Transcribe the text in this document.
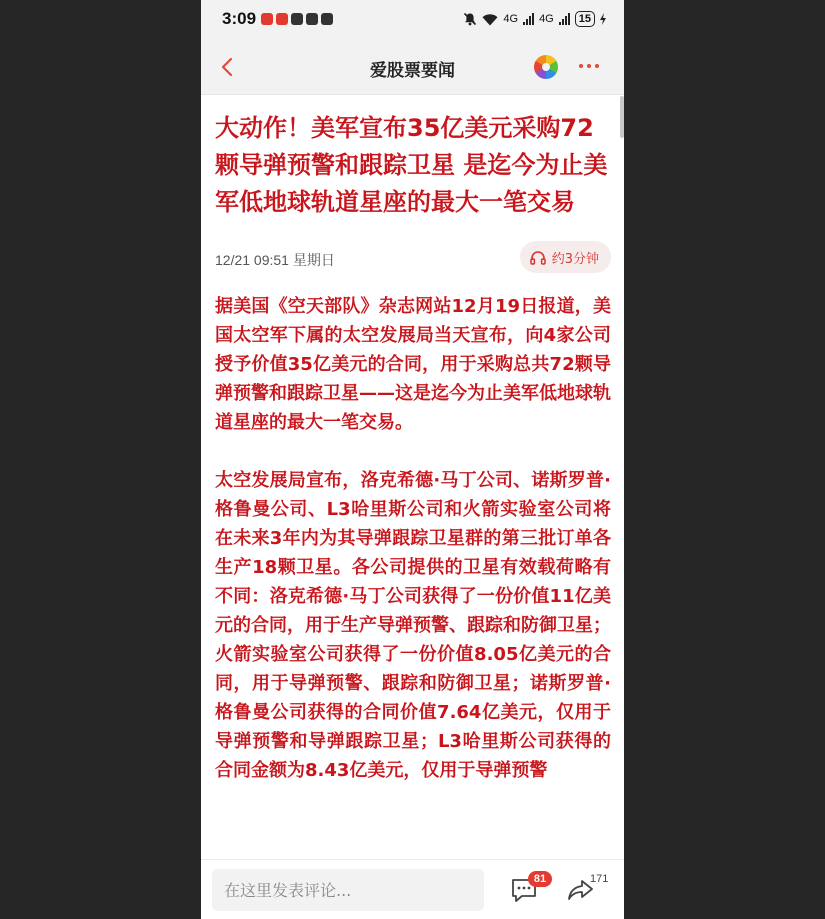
3:09	4G 4G	15
爱股票要闻
大动作！美军宣布35亿美元采购72颗导弹预警和跟踪卫星 是迄今为止美军低地球轨道星座的最大一笔交易
12/21 09:51 星期日	约3分钟

据美国《空天部队》杂志网站12月19日报道，美国太空军下属的太空发展局当天宣布，向4家公司授予价值35亿美元的合同，用于采购总共72颗导弹预警和跟踪卫星——这是迄今为止美军低地球轨道星座的最大一笔交易。

太空发展局宣布，洛克希德·马丁公司、诺斯罗普·格鲁曼公司、L3哈里斯公司和火箭实验室公司将在未来3年内为其导弹跟踪卫星群的第三批订单各生产18颗卫星。各公司提供的卫星有效载荷略有不同：洛克希德·马丁公司获得了一份价值11亿美元的合同，用于生产导弹预警、跟踪和防御卫星；火箭实验室公司获得了一份价值8.05亿美元的合同，用于导弹预警、跟踪和防御卫星；诺斯罗普·格鲁曼公司获得的合同价值7.64亿美元，仅用于导弹预警和导弹跟踪卫星；L3哈里斯公司获得的合同金额为8.43亿美元，仅用于导弹预警

在这里发表评论...
81	171
